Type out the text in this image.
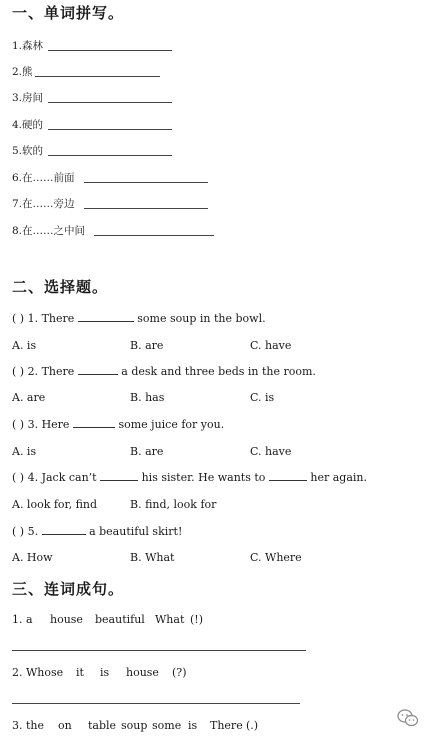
一、单词拼写。
1.森林
2.熊
3.房间
4.硬的
5.软的
6.在……前面
7.在……旁边
8.在……之中间
二、选择题。
( ) 1. There	some soup in the bowl.
A. is	B. are	C. have
( ) 2. There	a desk and three beds in the room.
A. are	B. has	C. is
( ) 3. Here	some juice for you.
A. is	B. are	C. have
( ) 4. Jack can’t	his sister. He wants to	her again.
A. look for, find	B. find, look for
( ) 5.	a beautiful skirt!
A. How	B. What	C. Where
三、连词成句。
1. a house beautiful What (!)
2. Whose it is house (?)
3. the on table soup some is There (.)
